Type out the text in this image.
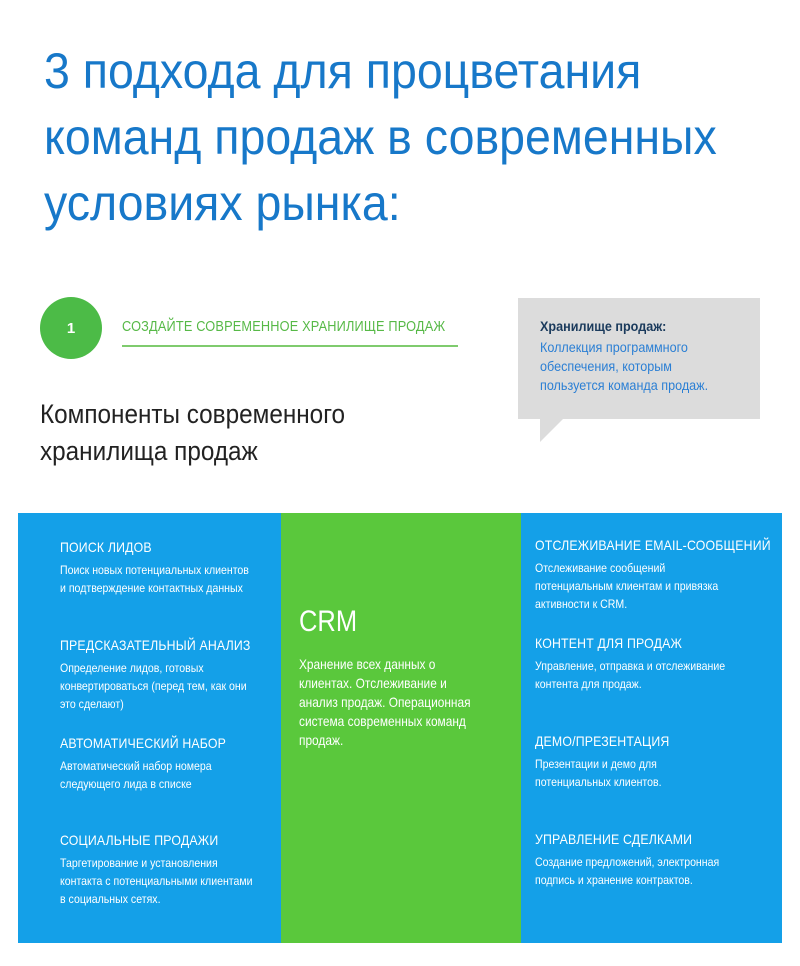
3 подхода для процветания
команд продаж в современных
условиях рынка:
1	СОЗДАЙТЕ СОВРЕМЕННОЕ ХРАНИЛИЩЕ ПРОДАЖ	Хранилище продаж:
Коллекция программного обеспечения, которым пользуется команда продаж.
Компоненты современного
хранилища продаж
ПОИСК ЛИДОВ
Поиск новых потенциальных клиентов и подтверждение контактных данных
ПРЕДСКАЗАТЕЛЬНЫЙ АНАЛИЗ
Определение лидов, готовых конвертироваться (перед тем, как они это сделают)
АВТОМАТИЧЕСКИЙ НАБОР
Автоматический набор номера следующего лида в списке
СОЦИАЛЬНЫЕ ПРОДАЖИ
Таргетирование и установления контакта с потенциальными клиентами в социальных сетях.
CRM
Хранение всех данных о клиентах. Отслеживание и анализ продаж. Операционная система современных команд продаж.
ОТСЛЕЖИВАНИЕ EMAIL-СООБЩЕНИЙ
Отслеживание сообщений потенциальным клиентам и привязка активности к CRM.
КОНТЕНТ ДЛЯ ПРОДАЖ
Управление, отправка и отслеживание контента для продаж.
ДЕМО/ПРЕЗЕНТАЦИЯ
Презентации и демо для потенциальных клиентов.
УПРАВЛЕНИЕ СДЕЛКАМИ
Создание предложений, электронная подпись и хранение контрактов.
